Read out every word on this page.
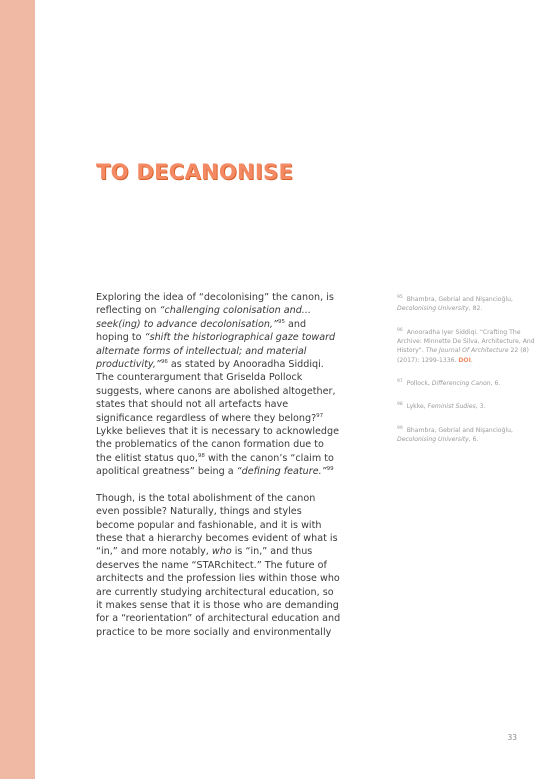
TO DECANONISE

Exploring the idea of “decolonising” the canon, is reflecting on “challenging colonisation and... seek(ing) to advance decolonisation,”$^{95}$ and hoping to “shift the historiographical gaze toward alternate forms of intellectual; and material productivity,”$^{96}$ as stated by Anooradha Siddiqi. The counterargument that Griselda Pollock suggests, where canons are abolished altogether, states that should not all artefacts have significance regardless of where they belong?$^{97}$ Lykke believes that it is necessary to acknowledge the problematics of the canon formation due to the elitist status quo,$^{98}$ with the canon’s “claim to apolitical greatness” being a “defining feature.”$^{99}$

Though, is the total abolishment of the canon even possible? Naturally, things and styles become popular and fashionable, and it is with these that a hierarchy becomes evident of what is “in,” and more notably, who is “in,” and thus deserves the name “STARchitect.” The future of architects and the profession lies within those who are currently studying architectural education, so it makes sense that it is those who are demanding for a “reorientation” of architectural education and practice to be more socially and environmentally

$^{95}$ Bhambra, Gebrial and Nişancioğlu, Decolonising University, 82.
$^{96}$ Anooradha Iyer Siddiqi. “Crafting The Archive: Minnette De Silva, Architecture, And History”. The Journal Of Architecture 22 (8) (2017): 1299-1336. DOI.
$^{97}$ Pollock, Differencing Canon, 6.
$^{98}$ Lykke, Feminist Sudies, 3.
$^{99}$ Bhambra, Gebrial and Nişancioğlu, Decolonising University, 6.
33
